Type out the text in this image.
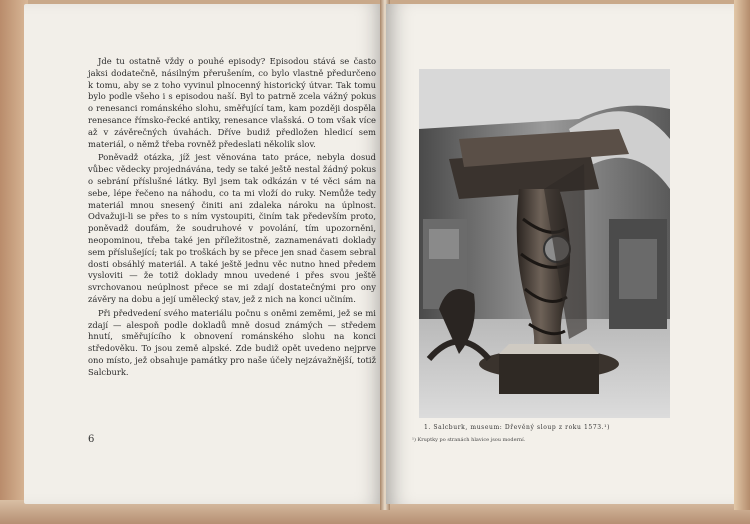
Jde tu ostatně vždy o pouhé episody? Episodou stává se často jaksi dodatečně, násilným přerušením, co bylo vlastně předurčeno k tomu, aby se z toho vyvinul plnocenný historický útvar. Tak tomu bylo podle všeho i s episodou naší. Byl to patrně zcela vážný pokus o renesanci románského slohu, směřující tam, kam později dospěla renesance římsko-řecké antiky, renesance vlašská. O tom však více až v závěrečných úvahách. Dříve budiž předložen hledicí sem materiál, o němž třeba rovněž předeslati několik slov.

Poněvadž otázka, jíž jest věnována tato práce, nebyla dosud vůbec vědecky projednávána, tedy se také ještě nestal žádný pokus o sebrání příslušné látky. Byl jsem tak odkázán v té věci sám na sebe, lépe řečeno na náhodu, co ta mi vloží do ruky. Nemůže tedy materiál mnou snesený činiti ani zdaleka nároku na úplnost. Odvažuji-li se přes to s ním vystoupiti, činím tak především proto, poněvadž doufám, že soudruhové v povolání, tím upozorněni, neopominou, třeba také jen příležitostně, zaznamenávati doklady sem příslušející; tak po troškách by se přece jen snad časem sebral dosti obsáhlý materiál. A také ještě jednu věc nutno hned předem vysloviti — že totiž doklady mnou uvedené i přes svou ještě svrchovanou neúplnost přece se mi zdají dostatečnými pro ony závěry na dobu a její umělecký stav, jež z nich na konci učiním.

Při předvedení svého materiálu počnu s oněmi zeměmi, jež se mi zdají — alespoň podle dokladů mně dosud známých — středem hnutí, směřujícího k obnovení románského slohu na konci středověku. To jsou země alpské. Zde budiž opět uvedeno nejprve ono místo, jež obsahuje památky pro naše účely nejzávažnější, totiž Salcburk.

6
1. Salcburk, museum: Dřevěný sloup z roku 1573.¹)
¹) Kruptky po stranách hlavice jsou moderní.
